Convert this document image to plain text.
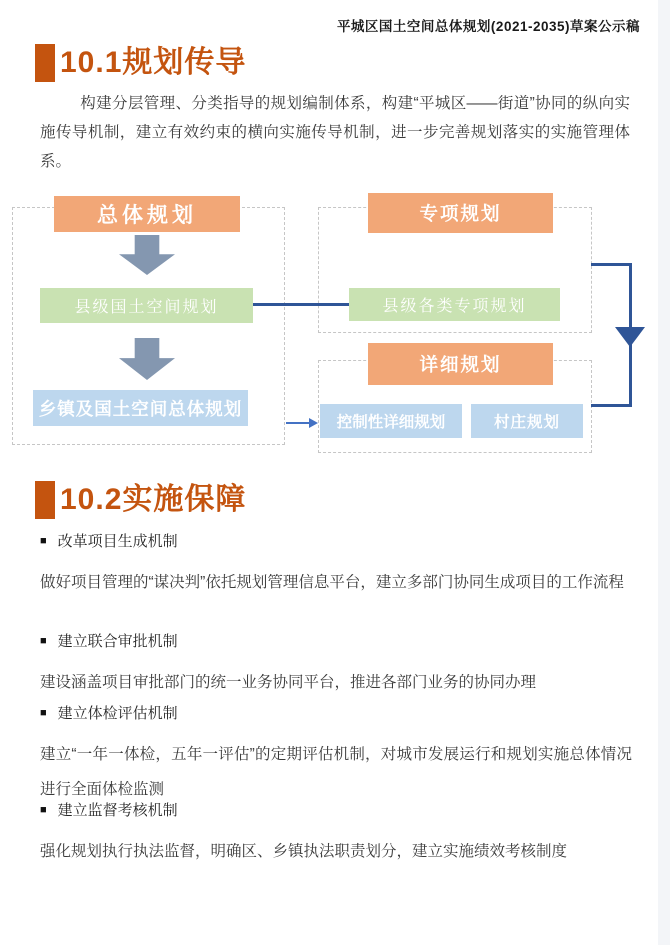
平城区国土空间总体规划(2021-2035)草案公示稿
10.1规划传导

构建分层管理、分类指导的规划编制体系，构建“平城区——街道”协同的纵向实施传导机制，建立有效约束的横向实施传导机制，进一步完善规划落实的实施管理体系。

总体规划
县级国土空间规划
乡镇及国土空间总体规划
专项规划
县级各类专项规划
详细规划
控制性详细规划	村庄规划
10.2实施保障
■ 改革项目生成机制

做好项目管理的“谋决判”依托规划管理信息平台，建立多部门协同生成项目的工作流程

■ 建立联合审批机制

建设涵盖项目审批部门的统一业务协同平台，推进各部门业务的协同办理

■ 建立体检评估机制

建立“一年一体检，五年一评估”的定期评估机制，对城市发展运行和规划实施总体情况进行全面体检监测

■ 建立监督考核机制

强化规划执行执法监督，明确区、乡镇执法职责划分，建立实施绩效考核制度
